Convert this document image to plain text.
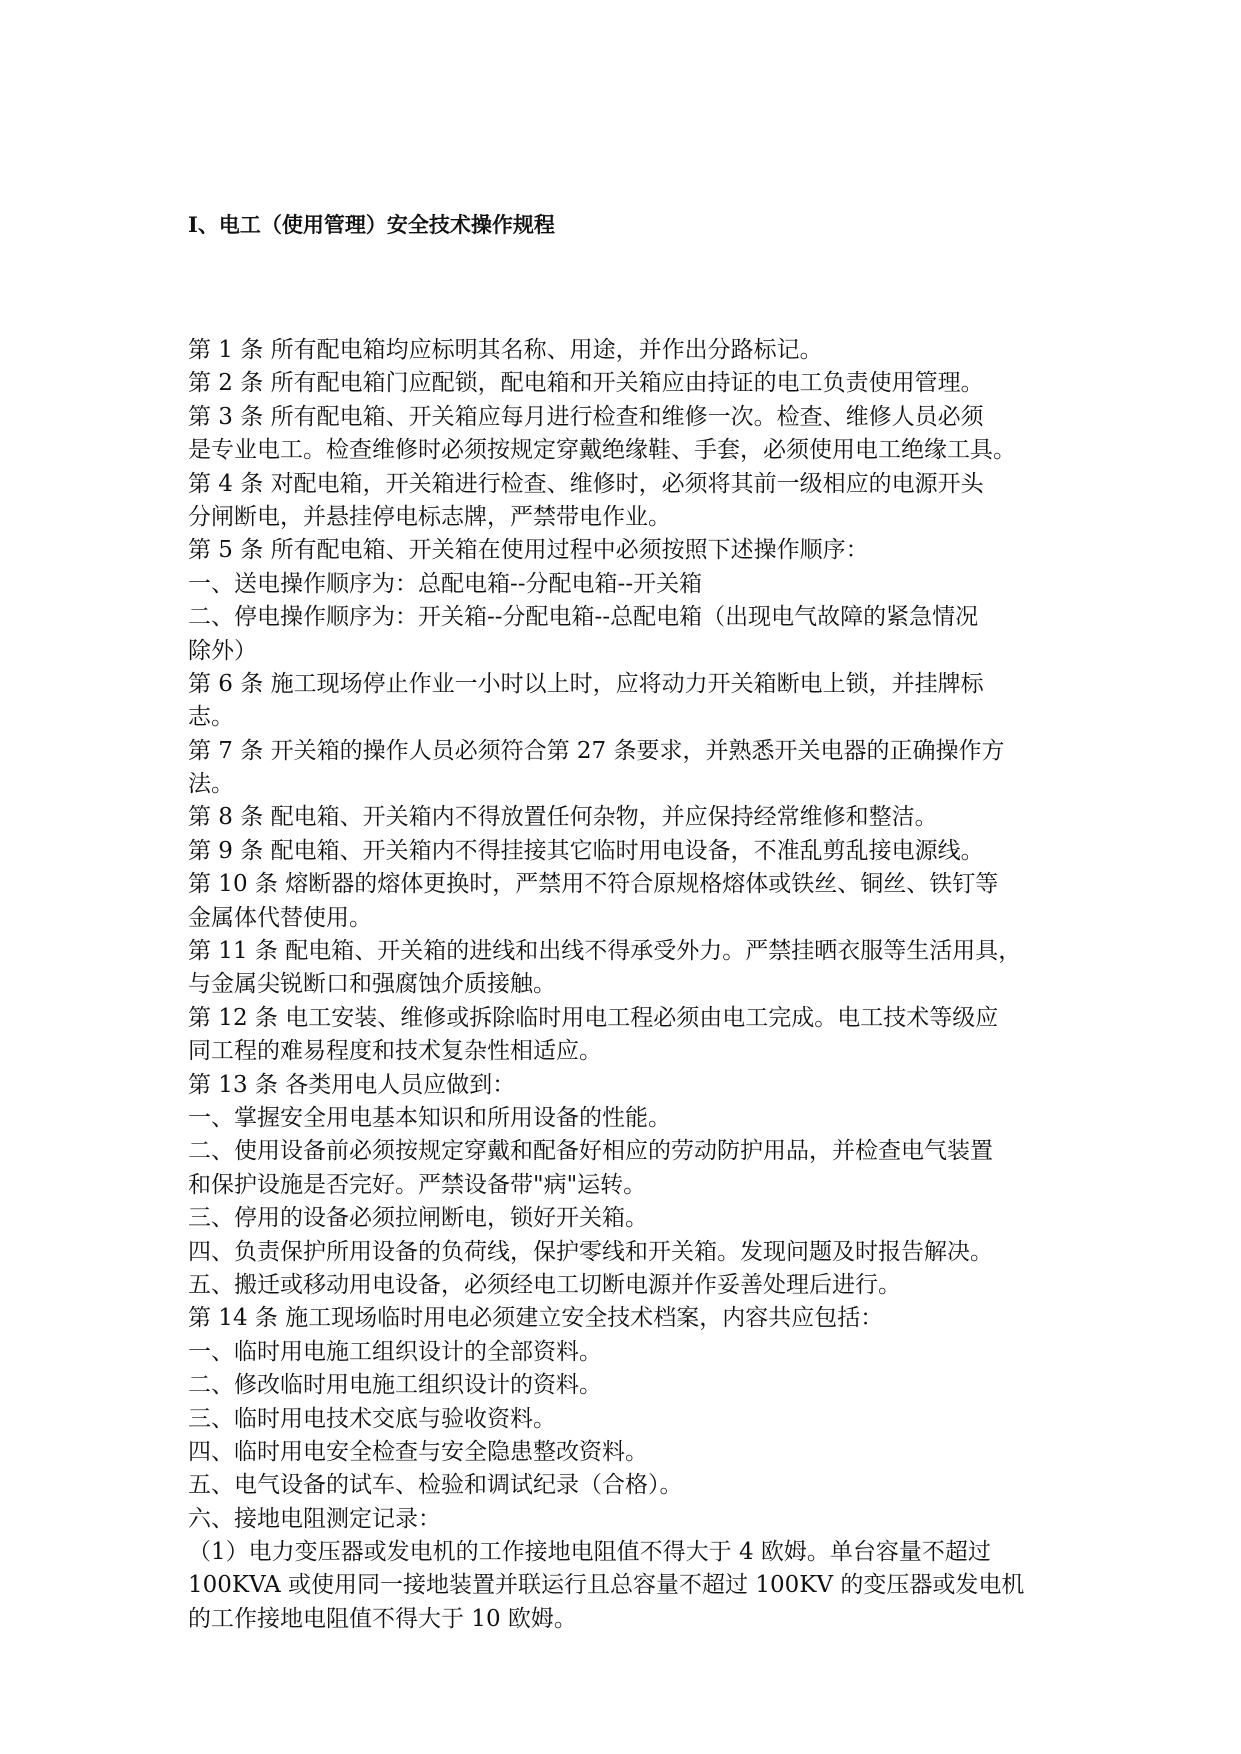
I、电工（使用管理）安全技术操作规程
第 1 条 所有配电箱均应标明其名称、用途，并作出分路标记。
第 2 条 所有配电箱门应配锁，配电箱和开关箱应由持证的电工负责使用管理。
第 3 条 所有配电箱、开关箱应每月进行检查和维修一次。检查、维修人员必须
是专业电工。检查维修时必须按规定穿戴绝缘鞋、手套，必须使用电工绝缘工具。
第 4 条 对配电箱，开关箱进行检查、维修时，必须将其前一级相应的电源开头
分闸断电，并悬挂停电标志牌，严禁带电作业。
第 5 条 所有配电箱、开关箱在使用过程中必须按照下述操作顺序：
一、送电操作顺序为：总配电箱--分配电箱--开关箱
二、停电操作顺序为：开关箱--分配电箱--总配电箱（出现电气故障的紧急情况
除外）
第 6 条 施工现场停止作业一小时以上时，应将动力开关箱断电上锁，并挂牌标
志。
第 7 条 开关箱的操作人员必须符合第 27 条要求，并熟悉开关电器的正确操作方
法。
第 8 条 配电箱、开关箱内不得放置任何杂物，并应保持经常维修和整洁。
第 9 条 配电箱、开关箱内不得挂接其它临时用电设备，不准乱剪乱接电源线。
第 10 条 熔断器的熔体更换时，严禁用不符合原规格熔体或铁丝、铜丝、铁钉等
金属体代替使用。
第 11 条 配电箱、开关箱的进线和出线不得承受外力。严禁挂晒衣服等生活用具，
与金属尖锐断口和强腐蚀介质接触。
第 12 条 电工安装、维修或拆除临时用电工程必须由电工完成。电工技术等级应
同工程的难易程度和技术复杂性相适应。
第 13 条 各类用电人员应做到：
一、掌握安全用电基本知识和所用设备的性能。
二、使用设备前必须按规定穿戴和配备好相应的劳动防护用品，并检查电气装置
和保护设施是否完好。严禁设备带"病"运转。
三、停用的设备必须拉闸断电，锁好开关箱。
四、负责保护所用设备的负荷线，保护零线和开关箱。发现问题及时报告解决。
五、搬迁或移动用电设备，必须经电工切断电源并作妥善处理后进行。
第 14 条 施工现场临时用电必须建立安全技术档案，内容共应包括：
一、临时用电施工组织设计的全部资料。
二、修改临时用电施工组织设计的资料。
三、临时用电技术交底与验收资料。
四、临时用电安全检查与安全隐患整改资料。
五、电气设备的试车、检验和调试纪录（合格）。
六、接地电阻测定记录：
（1）电力变压器或发电机的工作接地电阻值不得大于 4 欧姆。单台容量不超过
100KVA 或使用同一接地装置并联运行且总容量不超过 100KV 的变压器或发电机
的工作接地电阻值不得大于 10 欧姆。
